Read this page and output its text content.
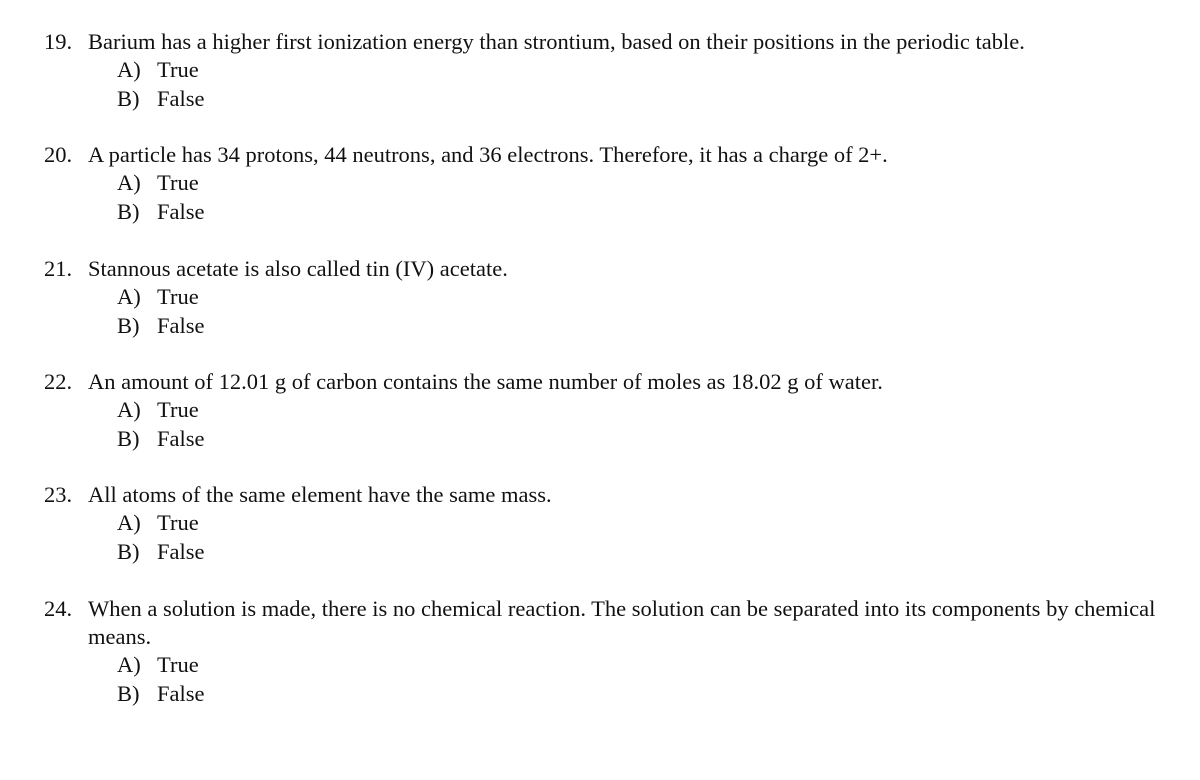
19. Barium has a higher first ionization energy than strontium, based on their positions in the periodic table.
A) True
B) False
20. A particle has 34 protons, 44 neutrons, and 36 electrons. Therefore, it has a charge of 2+.
A) True
B) False
21. Stannous acetate is also called tin (IV) acetate.
A) True
B) False
22. An amount of 12.01 g of carbon contains the same number of moles as 18.02 g of water.
A) True
B) False
23. All atoms of the same element have the same mass.
A) True
B) False
24. When a solution is made, there is no chemical reaction. The solution can be separated into its components by chemical means.
A) True
B) False
